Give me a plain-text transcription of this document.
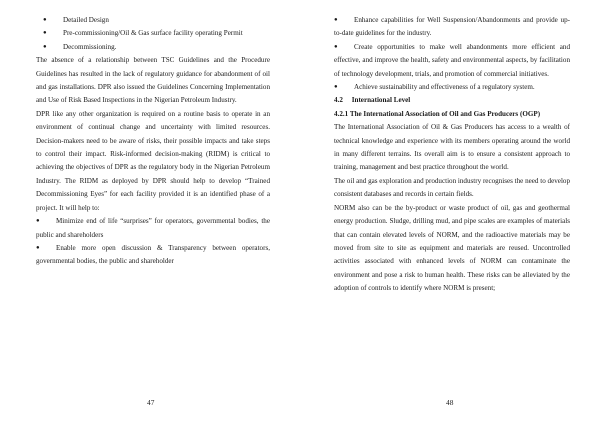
● Detailed Design
● Pre-commissioning/Oil & Gas surface facility operating Permit
● Decommissioning.

The absence of a relationship between TSC Guidelines and the Procedure Guidelines has resulted in the lack of regulatory guidance for abandonment of oil and gas installations. DPR also issued the Guidelines Concerning Implementation and Use of Risk Based Inspections in the Nigerian Petroleum Industry.

DPR like any other organization is required on a routine basis to operate in an environment of continual change and uncertainty with limited resources. Decision-makers need to be aware of risks, their possible impacts and take steps to control their impact. Risk-informed decision-making (RIDM) is critical to achieving the objectives of DPR as the regulatory body in the Nigerian Petroleum Industry. The RIDM as deployed by DPR should help to develop “Trained Decommissioning Eyes” for each facility provided it is an identified phase of a project. It will help to:

● Minimize end of life “surprises” for operators, governmental bodies, the public and shareholders
● Enable more open discussion & Transparency between operators, governmental bodies, the public and shareholder
47
● Enhance capabilities for Well Suspension/Abandonments and provide up-to-date guidelines for the industry.
● Create opportunities to make well abandonments more efficient and effective, and improve the health, safety and environmental aspects, by facilitation of technology development, trials, and promotion of commercial initiatives.
● Achieve sustainability and effectiveness of a regulatory system.

4.2     International Level

4.2.1 The International Association of Oil and Gas Producers (OGP)

The International Association of Oil & Gas Producers has access to a wealth of technical knowledge and experience with its members operating around the world in many different terrains. Its overall aim is to ensure a consistent approach to training, management and best practice throughout the world.

The oil and gas exploration and production industry recognises the need to develop consistent databases and records in certain fields.

NORM also can be the by-product or waste product of oil, gas and geothermal energy production. Sludge, drilling mud, and pipe scales are examples of materials that can contain elevated levels of NORM, and the radioactive materials may be moved from site to site as equipment and materials are reused. Uncontrolled activities associated with enhanced levels of NORM can contaminate the environment and pose a risk to human health. These risks can be alleviated by the adoption of controls to identify where NORM is present;

48
